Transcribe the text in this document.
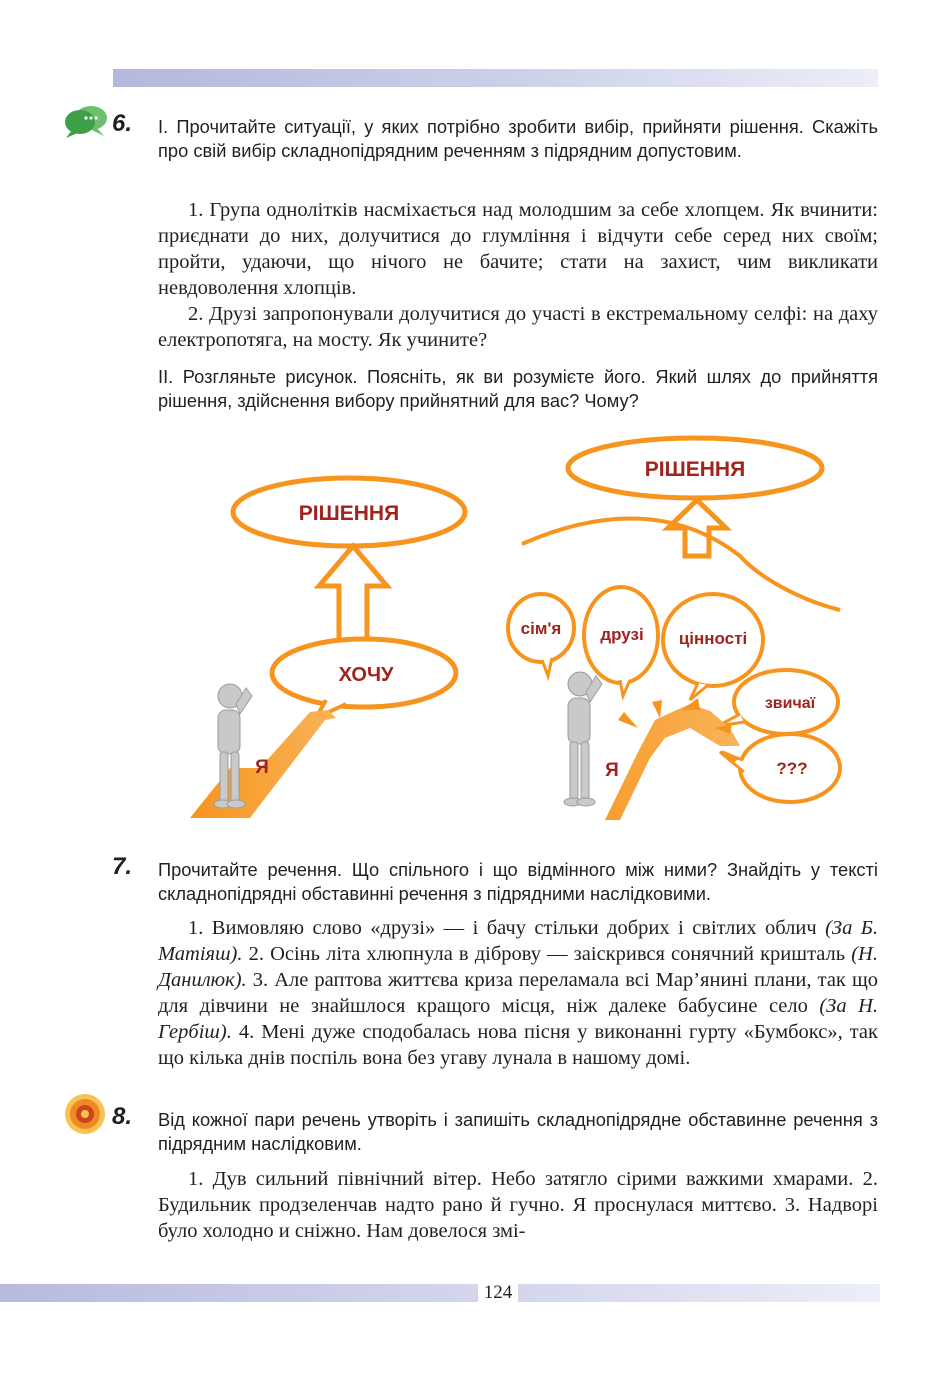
6. І. Прочитайте ситуації, у яких потрібно зробити вибір, прийняти рішення. Скажіть про свій вибір складнопідрядним реченням з підрядним допустовим.

1. Група однолітків насміхається над молодшим за себе хлопцем. Як вчинити: приєднати до них, долучитися до глумління і відчути себе серед них своїм; пройти, удаючи, що нічого не бачите; стати на захист, чим викликати невдоволення хлопців.

2. Друзі запропонували долучитися до участі в екстремальному селфі: на даху електропотяга, на мосту. Як учините?

ІІ. Розгляньте рисунок. Поясніть, як ви розумієте його. Який шлях до прийняття рішення, здійснення вибору прийнятний для вас? Чому?

РІШЕННЯ
ХОЧУ
Я
РІШЕННЯ
сім'я друзі цінності
звичаї
???
Я
7. Прочитайте речення. Що спільного і що відмінного між ними? Знайдіть у тексті складнопідрядні обставинні речення з підрядними наслідковими.

1. Вимовляю слово «друзі» — і бачу стільки добрих і світлих облич (За Б. Матіяш). 2. Осінь літа хлюпнула в діброву — заіскрився сонячний кришталь (Н. Данилюк). 3. Але раптова життєва криза переламала всі Мар’янині плани, так що для дівчини не знайшлося кращого місця, ніж далеке бабусине село (За Н. Гербіш). 4. Мені дуже сподобалась нова пісня у виконанні гурту «Бумбокс», так що кілька днів поспіль вона без угаву лунала в нашому домі.

8. Від кожної пари речень утворіть і запишіть складнопідрядне обставинне речення з підрядним наслідковим.

1. Дув сильний північний вітер. Небо затягло сірими важкими хмарами. 2. Будильник продзеленчав надто рано й гучно. Я проснулася миттєво. 3. Надворі було холодно и сніжно. Нам довелося змі-

124
